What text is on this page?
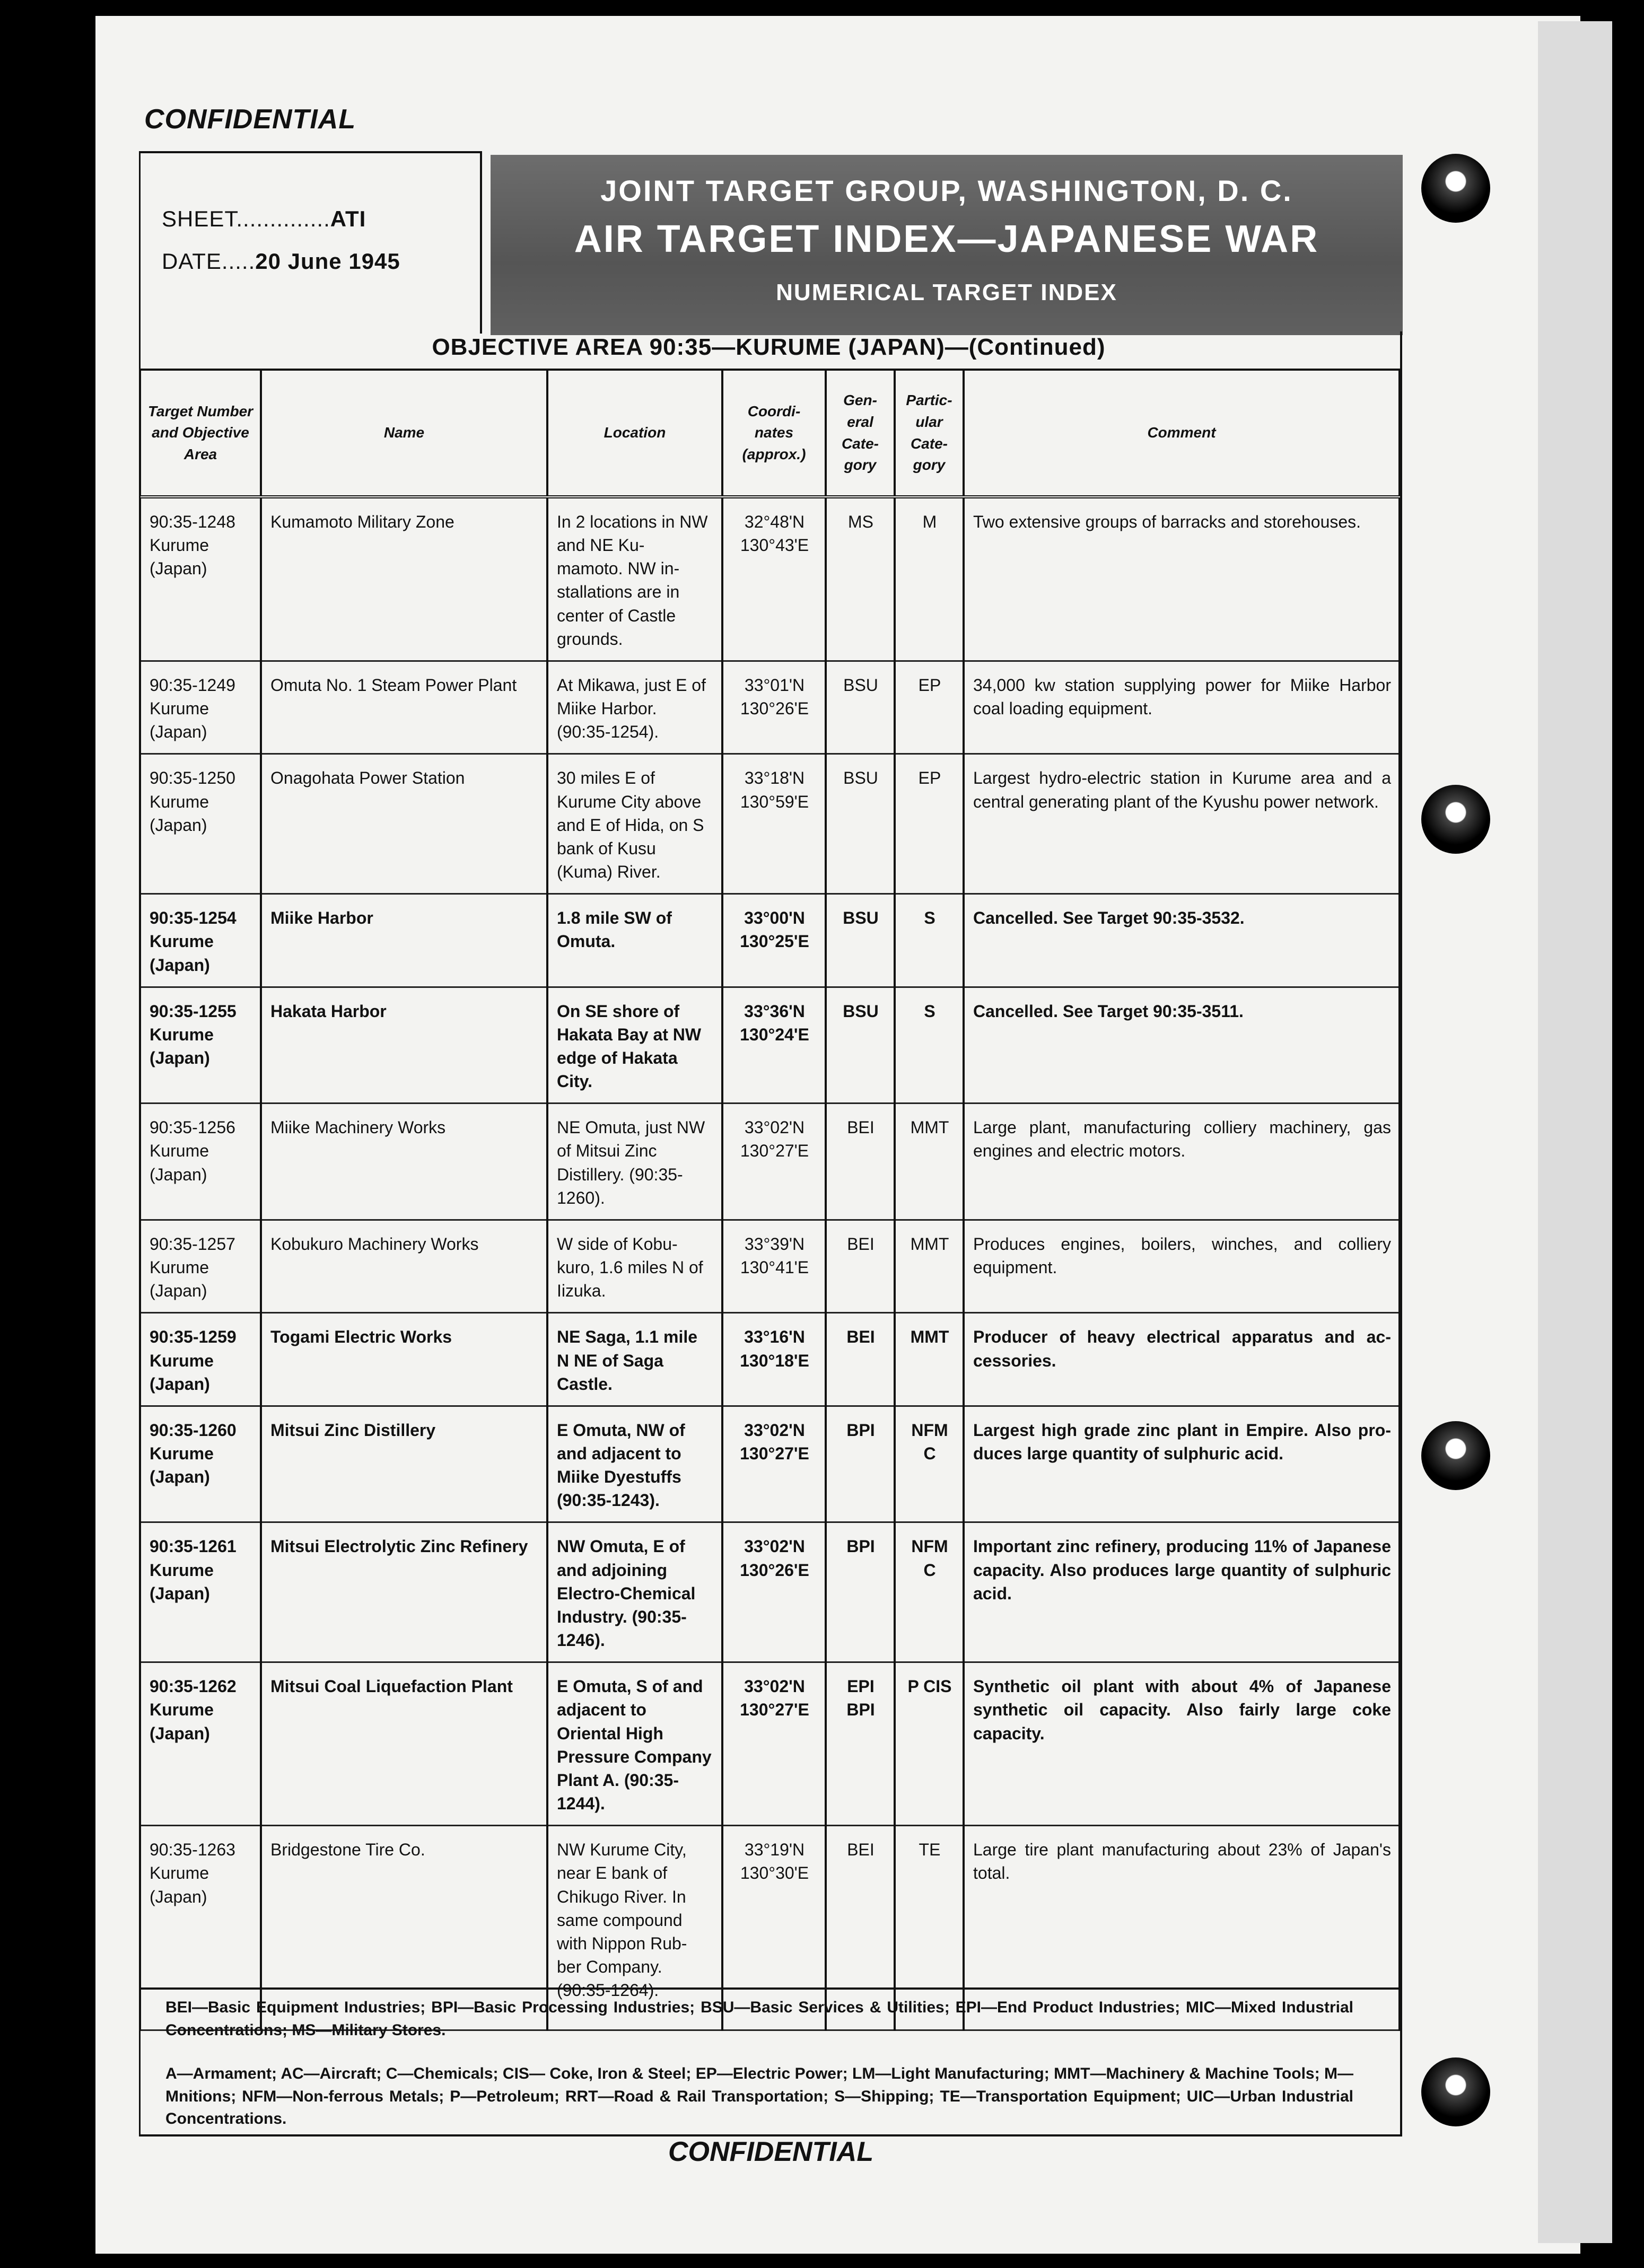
CONFIDENTIAL
SHEET..............ATI
DATE.....20 June 1945
JOINT TARGET GROUP, WASHINGTON, D. C.
AIR TARGET INDEX—JAPANESE WAR
NUMERICAL TARGET INDEX
OBJECTIVE AREA 90:35—KURUME (JAPAN)—(Continued)
Target Number and Objective Area	Name	Location	Coordi- nates (approx.)	Gen- eral Cate- gory	Partic- ular Cate- gory	Comment
90:35-1248 Kurume (Japan)	Kumamoto Military Zone	In 2 locations in NW and NE Ku- mamoto. NW in- stallations are in center of Castle grounds.	32°48'N 130°43'E	MS	M	Two extensive groups of barracks and storehouses.
90:35-1249 Kurume (Japan)	Omuta No. 1 Steam Power Plant	At Mikawa, just E of Miike Harbor. (90:35-1254).	33°01'N 130°26'E	BSU	EP	34,000 kw station supplying power for Miike Harbor coal loading equipment.
90:35-1250 Kurume (Japan)	Onagohata Power Station	30 miles E of Kurume City above and E of Hida, on S bank of Kusu (Kuma) River.	33°18'N 130°59'E	BSU	EP	Largest hydro-electric station in Kurume area and a central generating plant of the Kyushu power network.
90:35-1254 Kurume (Japan)	Miike Harbor	1.8 mile SW of Omuta.	33°00'N 130°25'E	BSU	S	Cancelled. See Target 90:35-3532.
90:35-1255 Kurume (Japan)	Hakata Harbor	On SE shore of Hakata Bay at NW edge of Hakata City.	33°36'N 130°24'E	BSU	S	Cancelled. See Target 90:35-3511.
90:35-1256 Kurume (Japan)	Miike Machinery Works	NE Omuta, just NW of Mitsui Zinc Distillery. (90:35-1260).	33°02'N 130°27'E	BEI	MMT	Large plant, manufacturing colliery machinery, gas engines and electric motors.
90:35-1257 Kurume (Japan)	Kobukuro Machinery Works	W side of Kobu- kuro, 1.6 miles N of Iizuka.	33°39'N 130°41'E	BEI	MMT	Produces engines, boilers, winches, and colliery equipment.
90:35-1259 Kurume (Japan)	Togami Electric Works	NE Saga, 1.1 mile N NE of Saga Castle.	33°16'N 130°18'E	BEI	MMT	Producer of heavy electrical apparatus and ac- cessories.
90:35-1260 Kurume (Japan)	Mitsui Zinc Distillery	E Omuta, NW of and adjacent to Miike Dyestuffs (90:35-1243).	33°02'N 130°27'E	BPI	NFM C	Largest high grade zinc plant in Empire. Also pro- duces large quantity of sulphuric acid.
90:35-1261 Kurume (Japan)	Mitsui Electrolytic Zinc Refinery	NW Omuta, E of and adjoining Electro-Chemical Industry. (90:35-1246).	33°02'N 130°26'E	BPI	NFM C	Important zinc refinery, producing 11% of Japanese capacity. Also produces large quantity of sulphuric acid.
90:35-1262 Kurume (Japan)	Mitsui Coal Liquefaction Plant	E Omuta, S of and adjacent to Oriental High Pressure Company Plant A. (90:35-1244).	33°02'N 130°27'E	EPI BPI	P CIS	Synthetic oil plant with about 4% of Japanese synthetic oil capacity. Also fairly large coke capacity.
90:35-1263 Kurume (Japan)	Bridgestone Tire Co.	NW Kurume City, near E bank of Chikugo River. In same compound with Nippon Rub- ber Company. (90:35-1264).	33°19'N 130°30'E	BEI	TE	Large tire plant manufacturing about 23% of Japan's total.

BEI—Basic Equipment Industries; BPI—Basic Processing Industries; BSU—Basic Services & Utilities; EPI—End Product Industries; MIC—Mixed Industrial Concentrations; MS—Military Stores.

A—Armament; AC—Aircraft; C—Chemicals; CIS— Coke, Iron & Steel; EP—Electric Power; LM—Light Manufacturing; MMT—Machinery & Machine Tools; M—Mnitions; NFM—Non-ferrous Metals; P—Petroleum; RRT—Road & Rail Transportation; S—Shipping; TE—Transportation Equipment; UIC—Urban Industrial Concentrations.

CONFIDENTIAL
